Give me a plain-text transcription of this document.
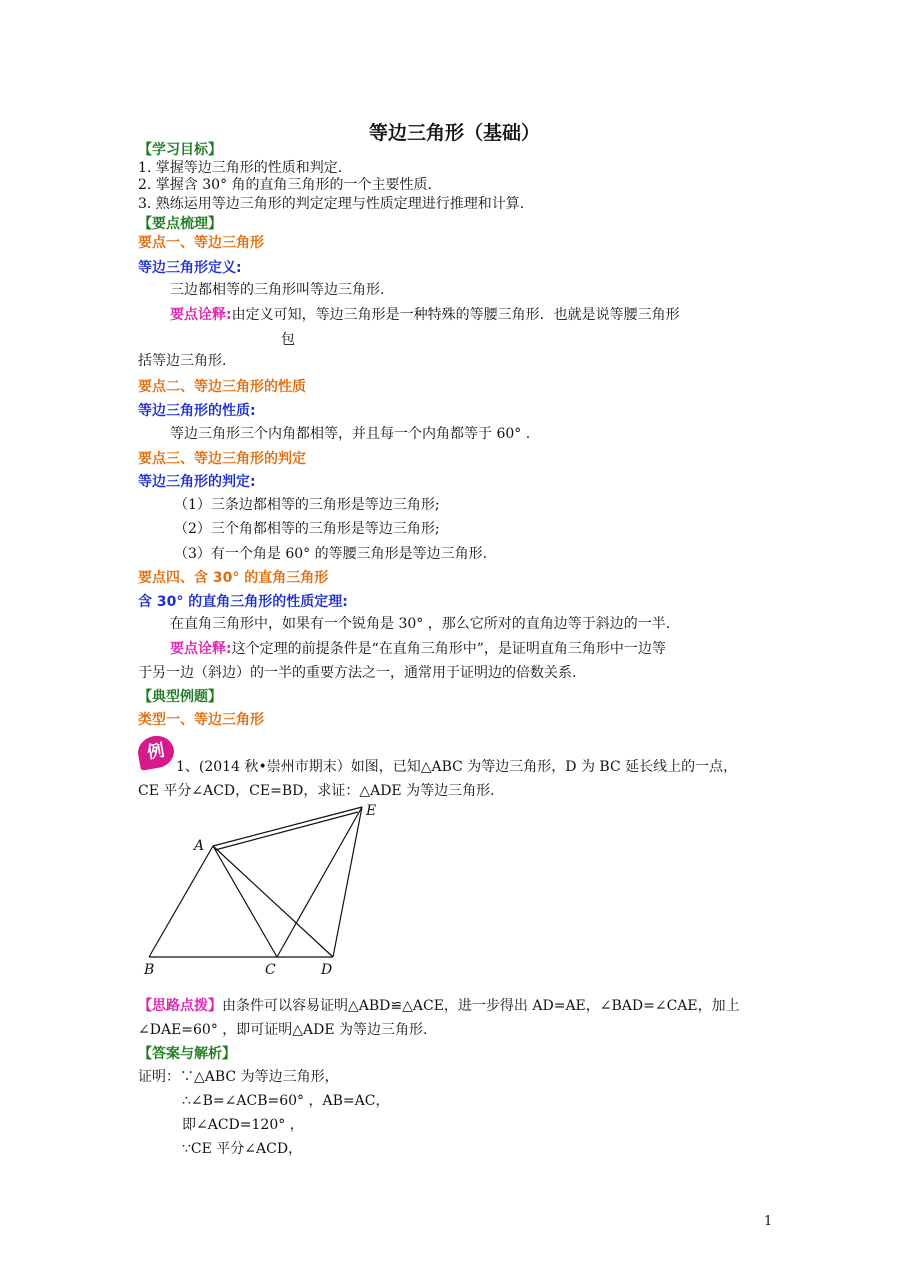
等边三角形（基础）
【学习目标】
1. 掌握等边三角形的性质和判定.
2. 掌握含 30° 角的直角三角形的一个主要性质.
3. 熟练运用等边三角形的判定定理与性质定理进行推理和计算.
【要点梳理】
要点一、等边三角形
等边三角形定义:
三边都相等的三角形叫等边三角形.
要点诠释:由定义可知，等边三角形是一种特殊的等腰三角形．也就是说等腰三角形
包
括等边三角形.
要点二、等边三角形的性质
等边三角形的性质:
等边三角形三个内角都相等，并且每一个内角都等于 60° .
要点三、等边三角形的判定
等边三角形的判定:
（1）三条边都相等的三角形是等边三角形;
（2）三个角都相等的三角形是等边三角形;
（3）有一个角是 60° 的等腰三角形是等边三角形.
要点四、含 30° 的直角三角形
含 30° 的直角三角形的性质定理:
在直角三角形中，如果有一个锐角是 30° ，那么它所对的直角边等于斜边的一半.
要点诠释:这个定理的前提条件是“在直角三角形中”，是证明直角三角形中一边等
于另一边（斜边）的一半的重要方法之一，通常用于证明边的倍数关系.
【典型例题】
类型一、等边三角形
例
1、(2014 秋•崇州市期末）如图，已知△ABC 为等边三角形，D 为 BC 延长线上的一点，
CE 平分∠ACD，CE=BD，求证：△ADE 为等边三角形.
A
B	C	D
E
【思路点拨】由条件可以容易证明△ABD≌△ACE，进一步得出 AD=AE，∠BAD=∠CAE，加上
∠DAE=60° ，即可证明△ADE 为等边三角形.
【答案与解析】
证明：∵△ABC 为等边三角形，
∴∠B=∠ACB=60° ，AB=AC，
即∠ACD=120° ，
∵CE 平分∠ACD，
1
